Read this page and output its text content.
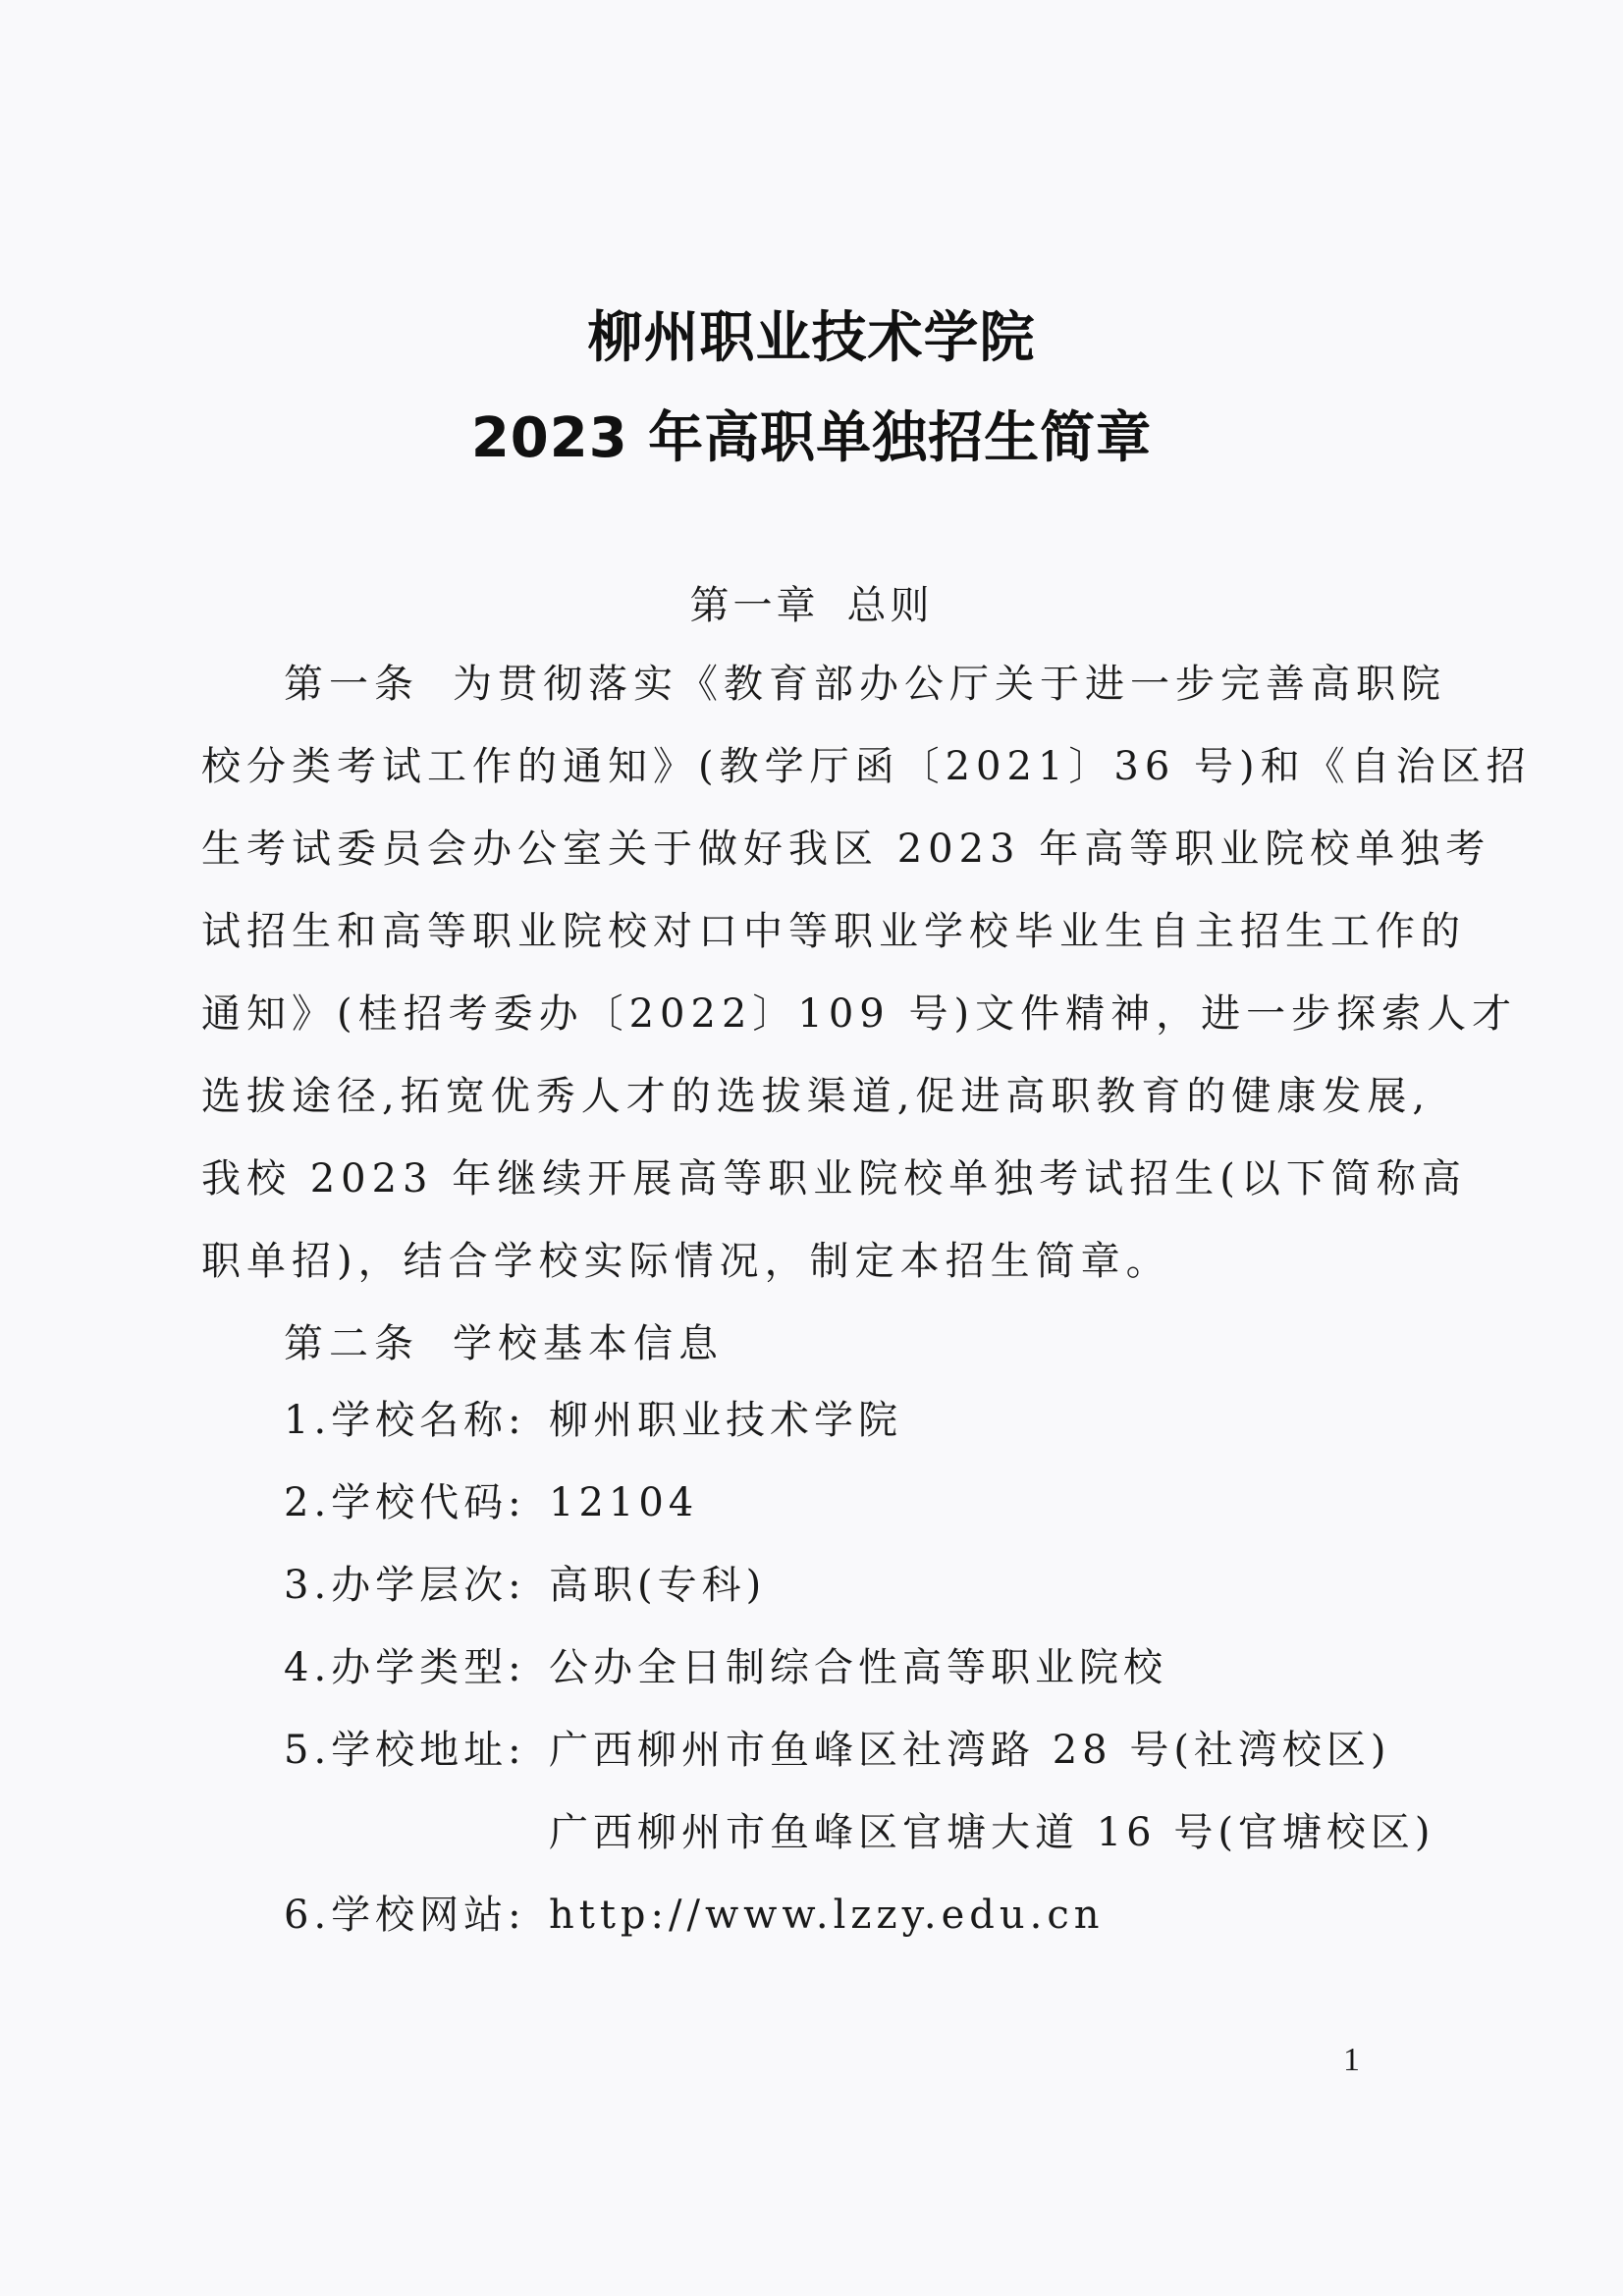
柳州职业技术学院
2023 年高职单独招生简章
第一章 总则
第一条 为贯彻落实《教育部办公厅关于进一步完善高职院
校分类考试工作的通知》(教学厅函〔2021〕36 号)和《自治区招
生考试委员会办公室关于做好我区 2023 年高等职业院校单独考
试招生和高等职业院校对口中等职业学校毕业生自主招生工作的
通知》(桂招考委办〔2022〕109 号)文件精神，进一步探索人才
选拔途径,拓宽优秀人才的选拔渠道,促进高职教育的健康发展,
我校 2023 年继续开展高等职业院校单独考试招生(以下简称高
职单招)，结合学校实际情况，制定本招生简章。
第二条 学校基本信息
1.学校名称: 柳州职业技术学院
2.学校代码: 12104
3.办学层次: 高职(专科)
4.办学类型: 公办全日制综合性高等职业院校
5.学校地址: 广西柳州市鱼峰区社湾路 28 号(社湾校区)
广西柳州市鱼峰区官塘大道 16 号(官塘校区)
6.学校网站: http://www.lzzy.edu.cn
1
